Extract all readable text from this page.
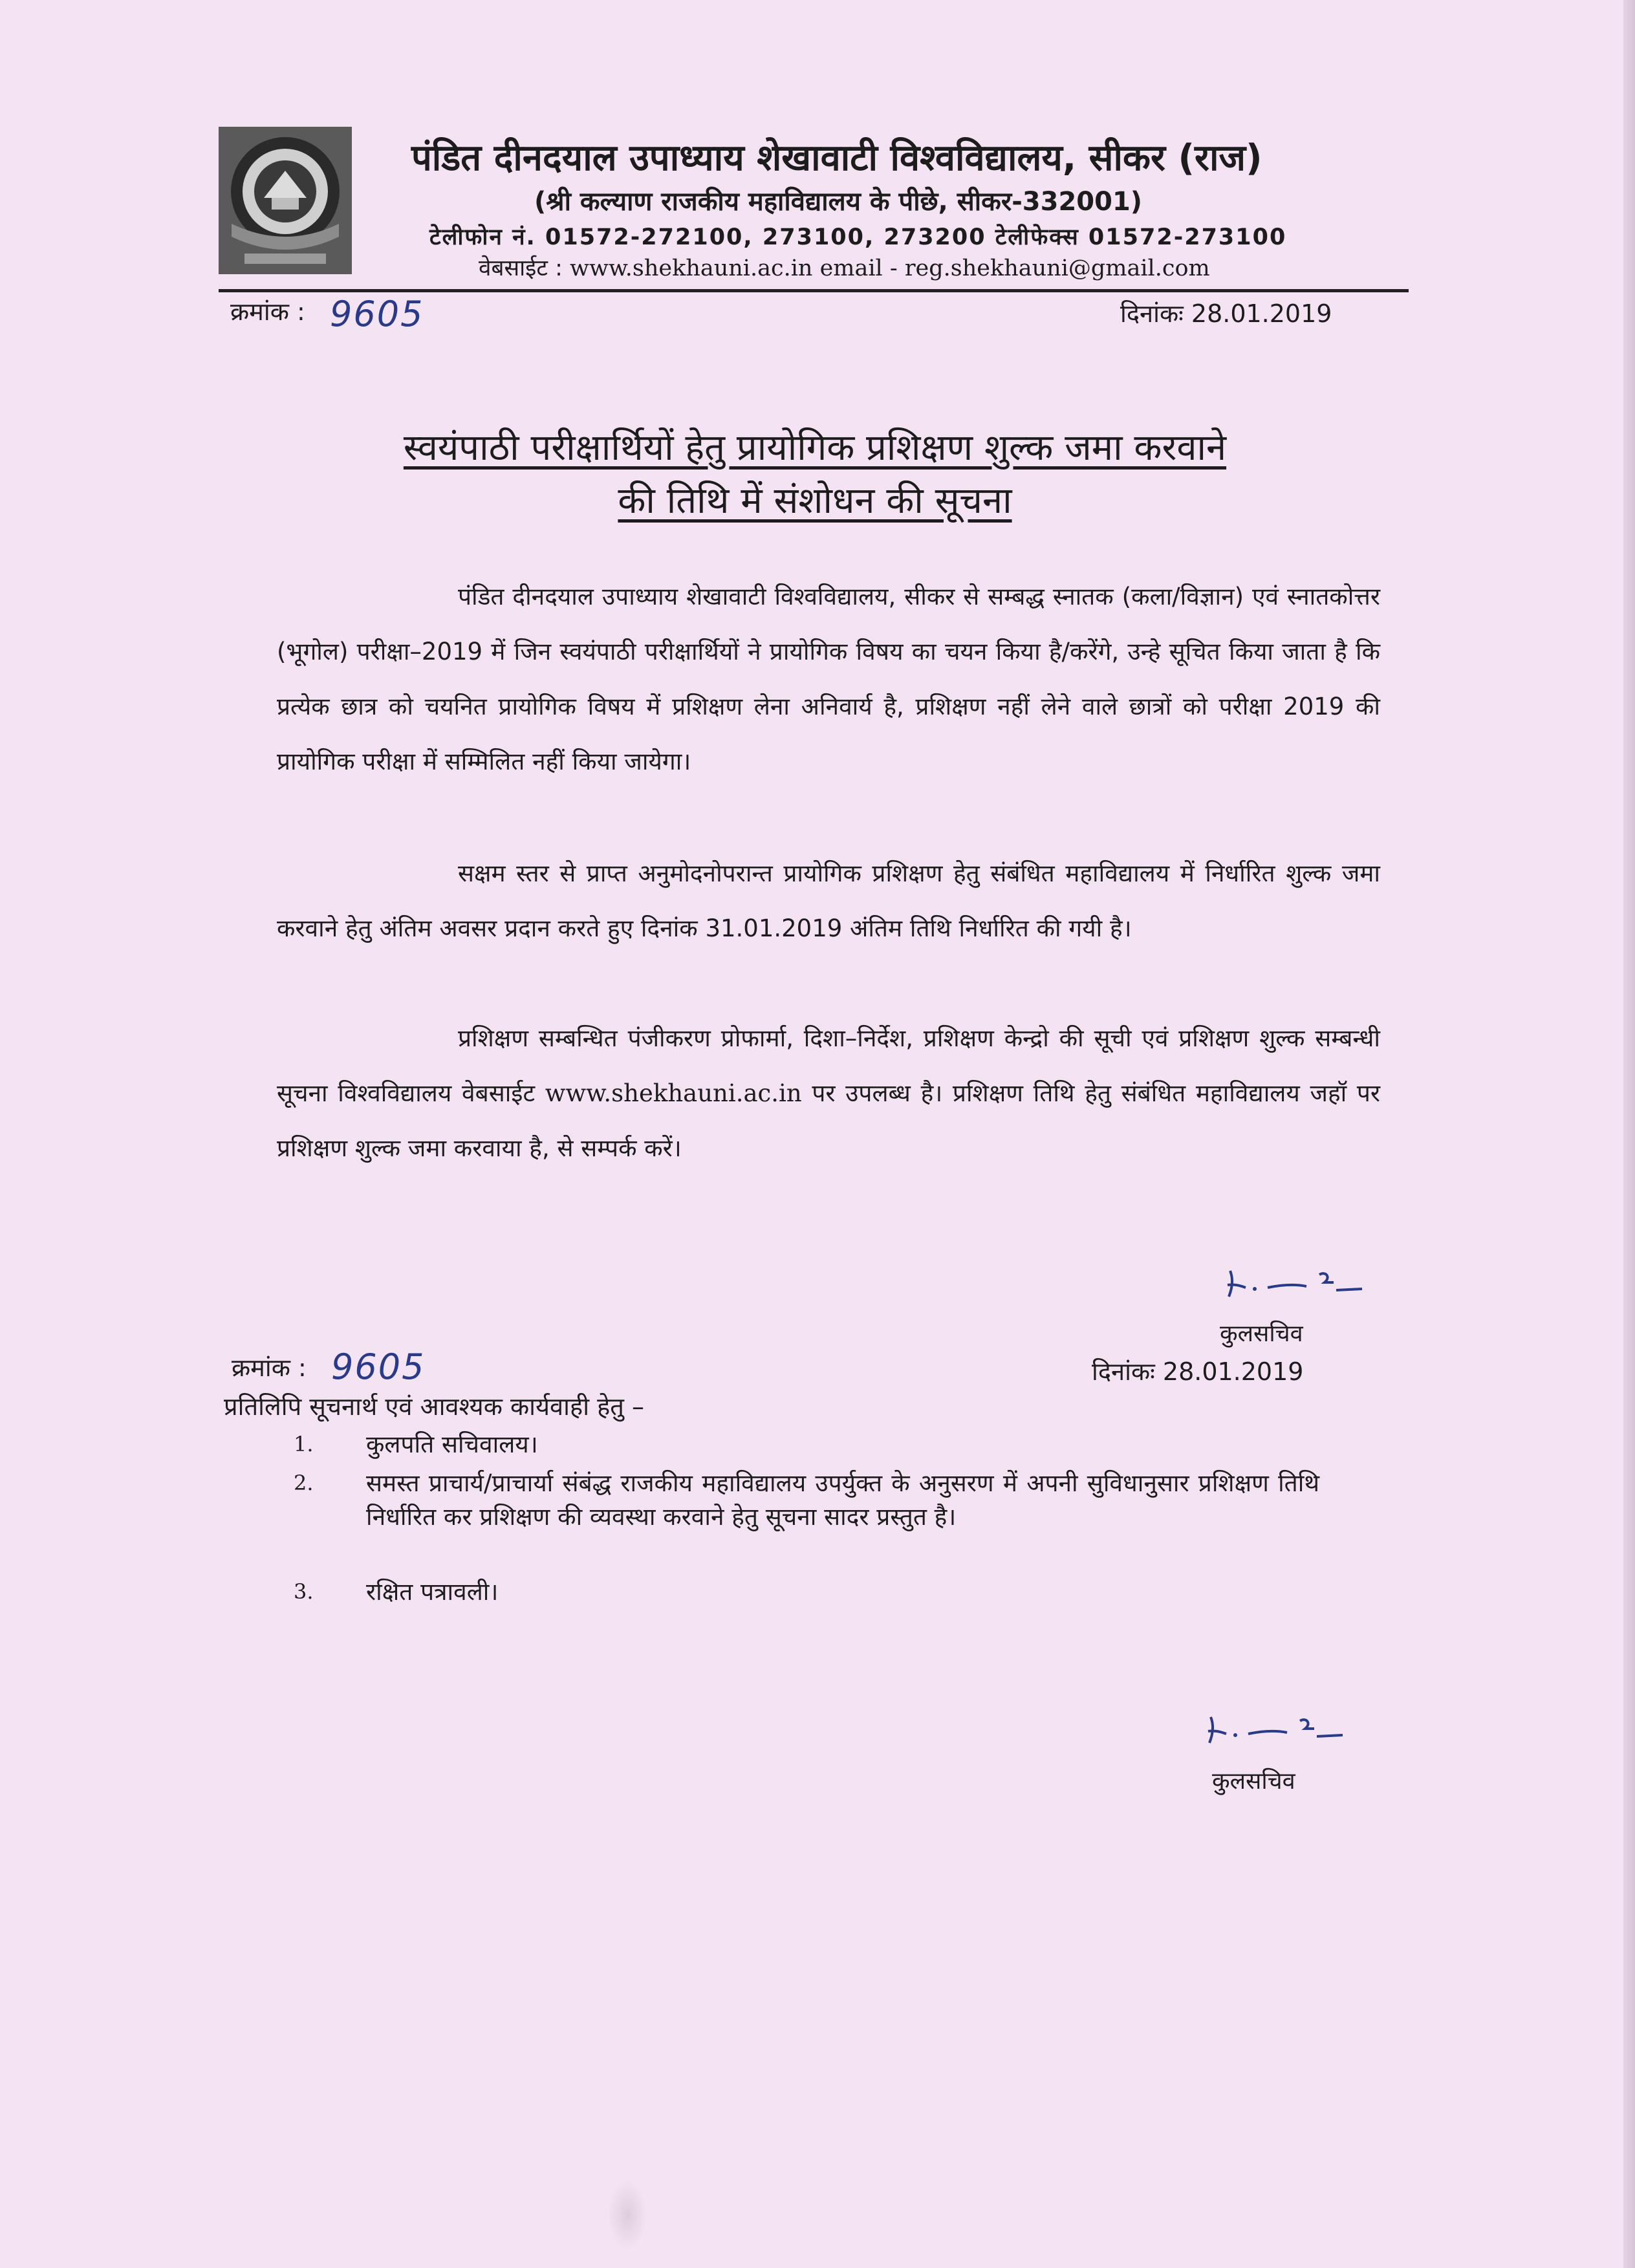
पंडित दीनदयाल उपाध्याय शेखावाटी विश्वविद्यालय, सीकर (राज)
(श्री कल्याण राजकीय महाविद्यालय के पीछे, सीकर-332001)
टेलीफोन नं. 01572-272100, 273100, 273200 टेलीफेक्स 01572-273100
वेबसाईट : www.shekhauni.ac.in email - reg.shekhauni@gmail.com
क्रमांक : 9605	दिनांकः 28.01.2019
स्वयंपाठी परीक्षार्थियों हेतु प्रायोगिक प्रशिक्षण शुल्क जमा करवाने
की तिथि में संशोधन की सूचना
पंडित दीनदयाल उपाध्याय शेखावाटी विश्वविद्यालय, सीकर से सम्बद्ध स्नातक (कला/विज्ञान) एवं स्नातकोत्तर (भूगोल) परीक्षा–2019 में जिन स्वयंपाठी परीक्षार्थियों ने प्रायोगिक विषय का चयन किया है/करेंगे, उन्हे सूचित किया जाता है कि प्रत्येक छात्र को चयनित प्रायोगिक विषय में प्रशिक्षण लेना अनिवार्य है, प्रशिक्षण नहीं लेने वाले छात्रों को परीक्षा 2019 की प्रायोगिक परीक्षा में सम्मिलित नहीं किया जायेगा।
सक्षम स्तर से प्राप्त अनुमोदनोपरान्त प्रायोगिक प्रशिक्षण हेतु संबंधित महाविद्यालय में निर्धारित शुल्क जमा करवाने हेतु अंतिम अवसर प्रदान करते हुए दिनांक 31.01.2019 अंतिम तिथि निर्धारित की गयी है।
प्रशिक्षण सम्बन्धित पंजीकरण प्रोफार्मा, दिशा–निर्देश, प्रशिक्षण केन्द्रो की सूची एवं प्रशिक्षण शुल्क सम्बन्धी सूचना विश्वविद्यालय वेबसाईट www.shekhauni.ac.in पर उपलब्ध है। प्रशिक्षण तिथि हेतु संबंधित महाविद्यालय जहॉ पर प्रशिक्षण शुल्क जमा करवाया है, से सम्पर्क करें।
कुलसचिव
क्रमांक : 9605	दिनांकः 28.01.2019
प्रतिलिपि सूचनार्थ एवं आवश्यक कार्यवाही हेतु –
1.	कुलपति सचिवालय।
2.	समस्त प्राचार्य/प्राचार्या संबंद्ध राजकीय महाविद्यालय उपर्युक्त के अनुसरण में अपनी सुविधानुसार प्रशिक्षण तिथि निर्धारित कर प्रशिक्षण की व्यवस्था करवाने हेतु सूचना सादर प्रस्तुत है।
3.	रक्षित पत्रावली।
कुलसचिव
